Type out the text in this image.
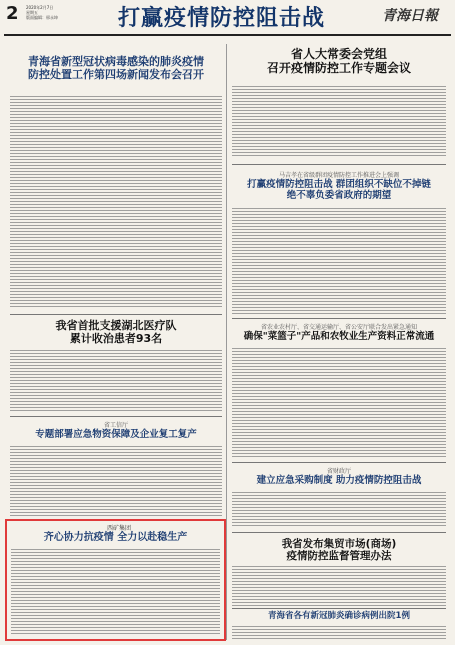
2	2020年2月7日
星期五
版面编辑：邢永坤	打赢疫情防控阻击战	青海日報
青海省新型冠状病毒感染的肺炎疫情
防控处置工作第四场新闻发布会召开
省人大常委会党组
召开疫情防控工作专题会议
马吉孝在省级群团疫情防控工作推进会上强调
打赢疫情防控阻击战 群团组织不缺位不掉链
绝不辜负委省政府的期望
省农业农村厅、省交通运输厅、省公安厅联合发出紧急通知
确保"菜篮子"产品和农牧业生产资料正常流通
我省首批支援湖北医疗队
累计收治患者93名
省财政厅
建立应急采购制度 助力疫情防控阻击战
省工信厅
专题部署应急物资保障及企业复工复产
我省发布集贸市场(商场)
疫情防控监督管理办法
西矿集团
齐心协力抗疫情 全力以赴稳生产
青海省各有新冠肺炎确诊病例出院1例
